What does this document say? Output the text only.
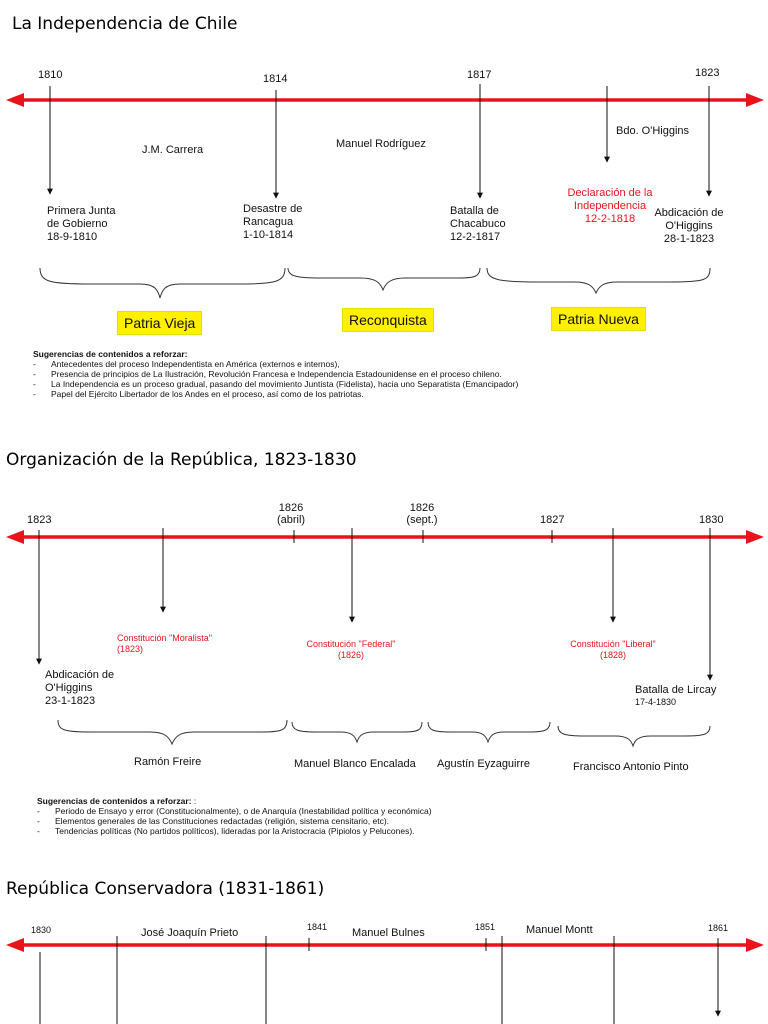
La Independencia de Chile
1810	1814	1817	1823
J.M. Carrera	Manuel Rodríguez
Bdo. O'Higgins
Primera Junta
de Gobierno
18-9-1810
Desastre de
Rancagua
1-10-1814
Batalla de
Chacabuco
12-2-1817
Declaración de la
Independencia
12-2-1818	Abdicación de
O'Higgins
28-1-1823
Patria Vieja	Reconquista	Patria Nueva
Sugerencias de contenidos a reforzar:
- Antecedentes del proceso Independentista en América (externos e internos),
- Presencia de principios de La Ilustración, Revolución Francesa e Independencia Estadounidense en el proceso chileno.
- La Independencia es un proceso gradual, pasando del movimiento Juntista (Fidelista), hacia uno Separatista (Emancipador)
- Papel del Ejército Libertador de los Andes en el proceso, así como de los patriotas.
Organización de la República, 1823-1830
1823
1826
(abril)
1826
(sept.)	1827	1830
Constitución "Moralista"
(1823)	Constitución "Federal"
(1826)
Constitución "Liberal"
(1828)
Abdicación de
O'Higgins
23-1-1823
Batalla de Lircay
17-4-1830
Ramón Freire	Manuel Blanco Encalada Agustín Eyzaguirre	Francisco Antonio Pinto
Sugerencias de contenidos a reforzar: :
- Periodo de Ensayo y error (Constitucionalmente), o de Anarquía (Inestabilidad política y económica)
- Elementos generales de las Constituciones redactadas (religión, sistema censitario, etc).
- Tendencias políticas (No partidos políticos), lideradas por la Aristocracia (Pipiolos y Pelucones).
República Conservadora (1831-1861)
1830	1841	1851	1861
José Joaquín Prieto	Manuel Bulnes	Manuel Montt
